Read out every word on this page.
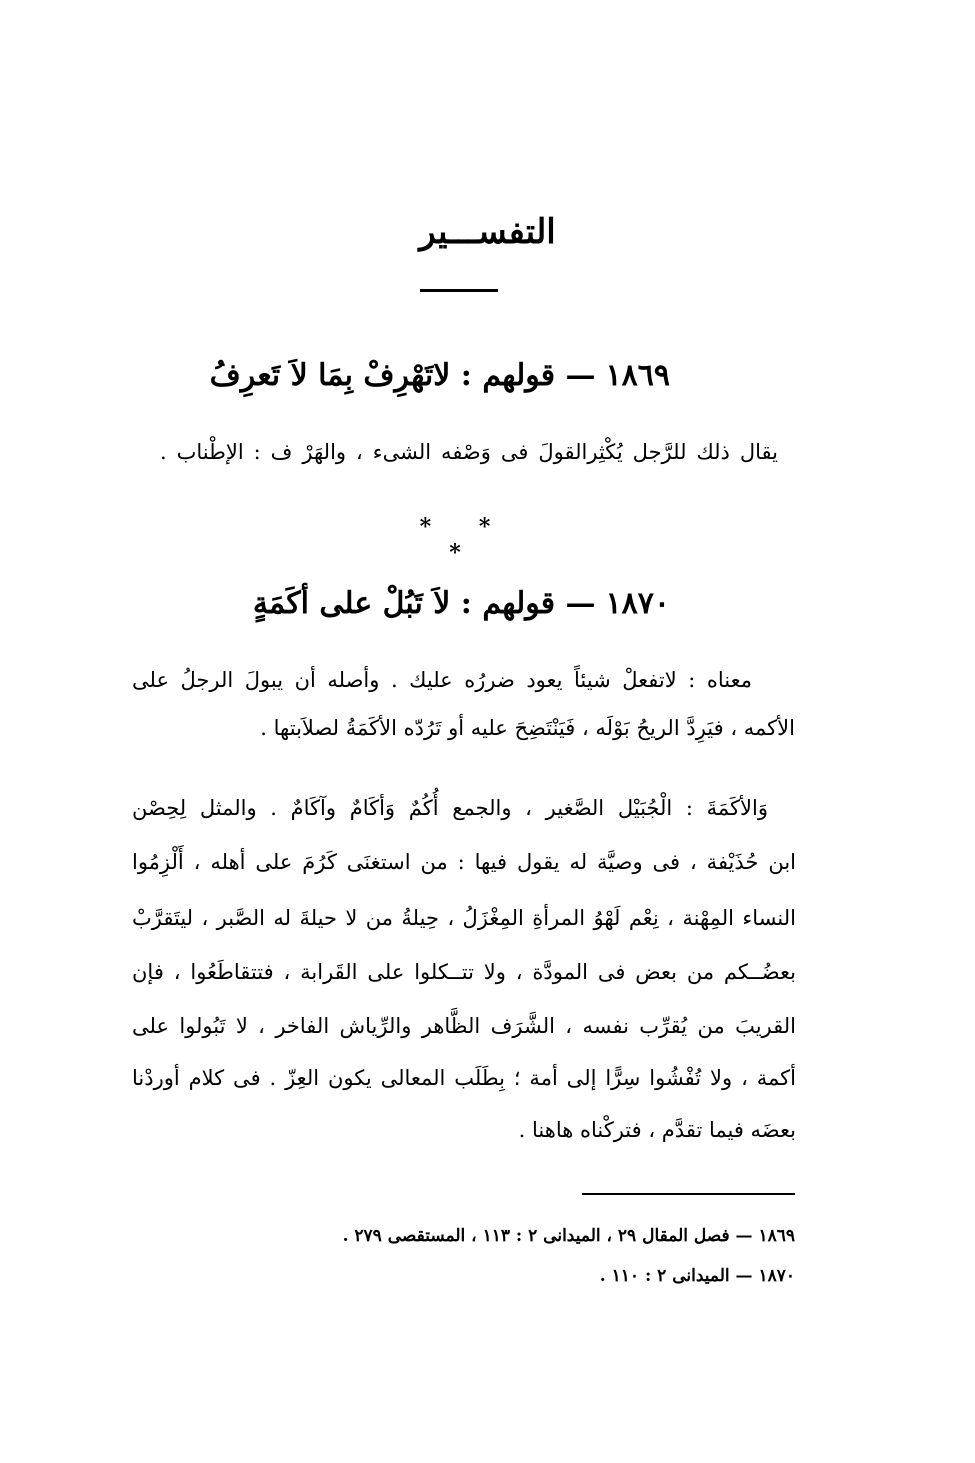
التفســـير
١٨٦٩— قولهم : لاتَهْرِفْ بِمَا لاَ تَعرِفُ
يقال ذلك للرَّجل يُكْثِرالقولَ فى وَصْفه الشىء ، والهَرْ ف : الإطْناب .
* * *
١٨٧٠— قولهم : لاَ تَبُلْ على أكَمَةٍ
معناه : لاتفعلْ شيئاً يعود ضررُه عليك . وأصله أن يبولَ الرجلُ على
الأكمه ، فيَرِدَّ الريحُ بَوْلَه ، فَيَنْتَضِحَ عليه أو تَرُدّه الأكَمَةُ لصلاَبتها .
وَالأكَمَةَ : الْجُبَيْل الصَّغير ، والجمع أُكُمٌ وَأكَامٌ وآكَامٌ . والمثل لِحِصْن
ابن حُذَيْفة ، فى وصيَّة له يقول فيها : من استغنَى كَرُمَ على أهله ، أَلْزِمُوا
النساء المِهْنة ، نِعْم لَهْوُ المرأةِ المِغْزَلُ ، حِيلةُ من لا حيلةَ له الصَّبر ، ليتَقرَّبْ
بعضُــكم من بعض فى المودَّة ، ولا تتــكلوا على القَرابة ، فتتقاطَعُوا ، فإن
القريبَ من يُقرِّب نفسه ، الشَّرَف الظَّاهر والرِّياش الفاخر ، لا تَبُولوا على
أكمة ، ولا تُفْشُوا سِرًّا إلى أمة ؛ بِطَلَب المعالى يكون العِزّ . فى كلام أوردْنا
بعضَه فيما تقدَّم ، فتركْناه هاهنا .
١٨٦٩ — فصل المقال ٢٩ ، الميدانى ٢ : ١١٣ ، المستقصى ٢٧٩ .
١٨٧٠ — الميدانى ٢ : ١١٠ .
